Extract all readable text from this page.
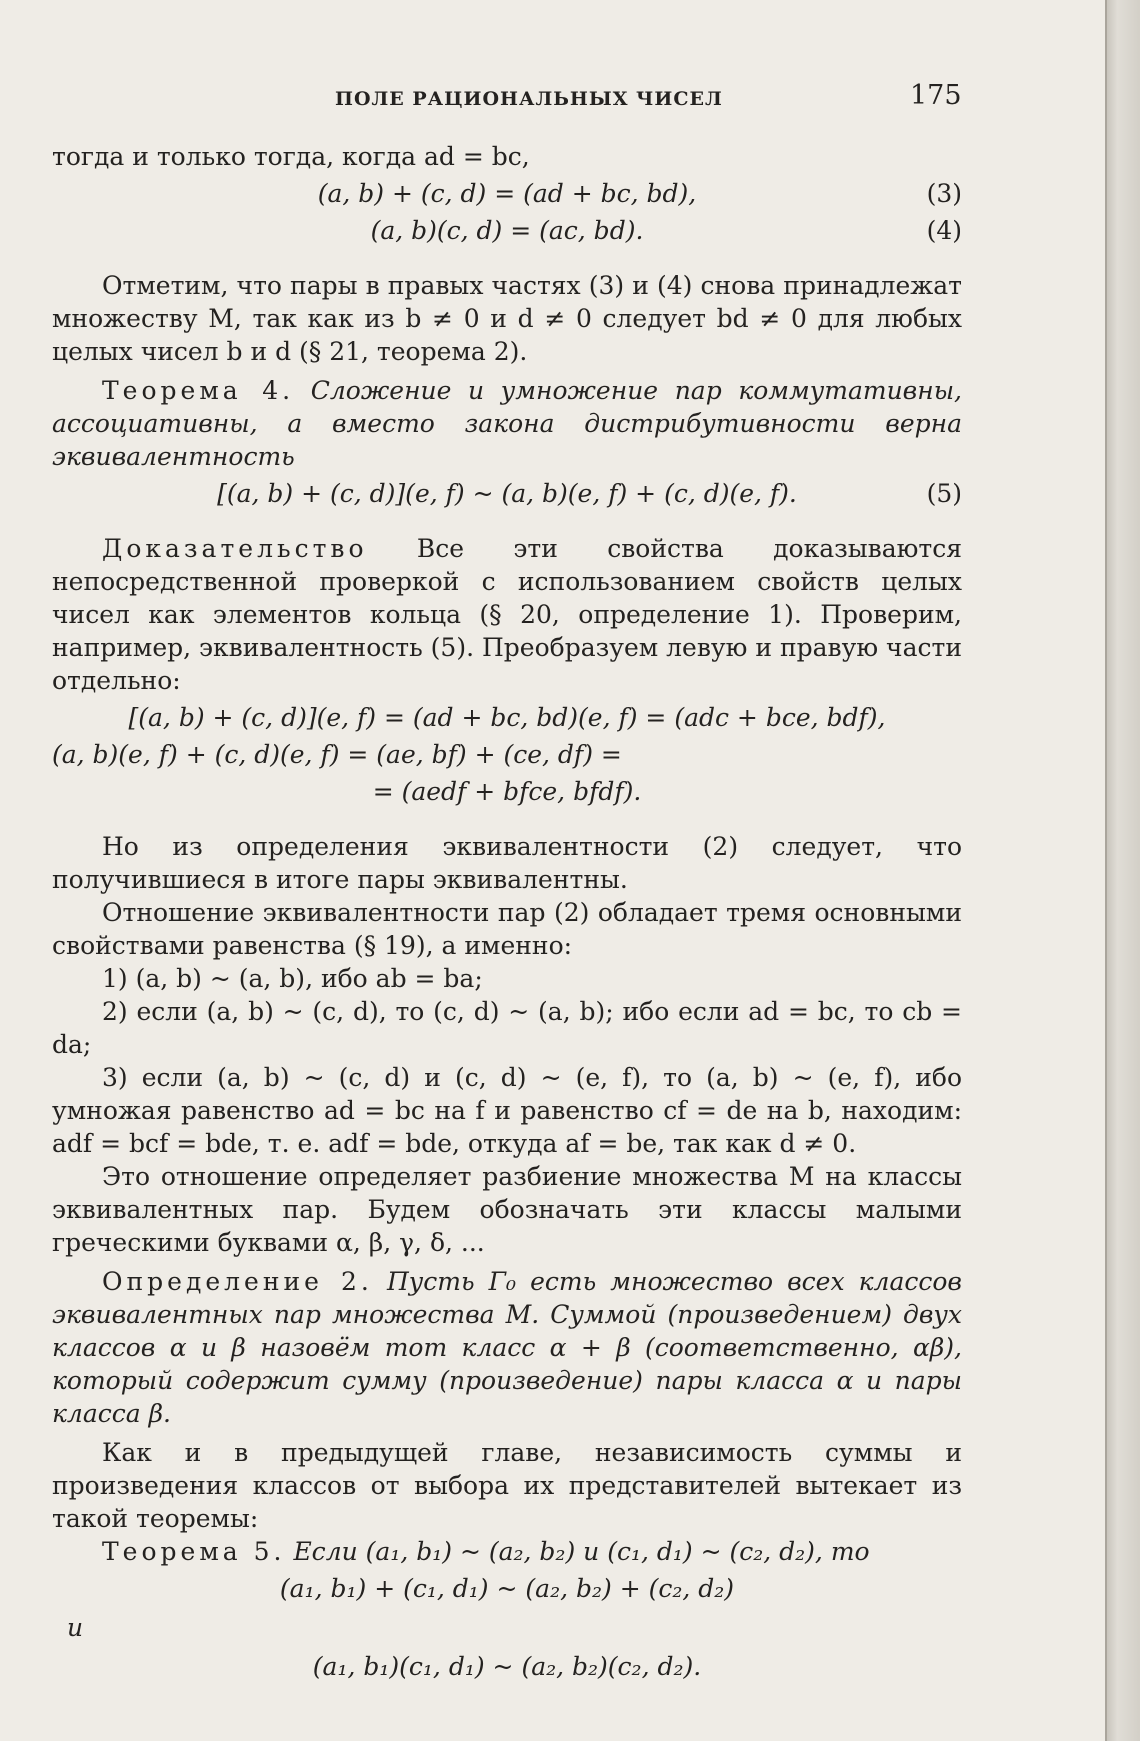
ПОЛЕ РАЦИОНАЛЬНЫХ ЧИСЕЛ	175

тогда и только тогда, когда ad = bc,

(a, b) + (c, d) = (ad + bc, bd),	(3)
(a, b)(c, d) = (ac, bd).	(4)

Отметим, что пары в правых частях (3) и (4) снова принадлежат множеству M, так как из b ≠ 0 и d ≠ 0 следует bd ≠ 0 для любых целых чисел b и d (§ 21, теорема 2).

Теорема 4. Сложение и умножение пар коммутативны, ассоциативны, а вместо закона дистрибутивности верна эквивалентность

[(a, b) + (c, d)](e, f) ~ (a, b)(e, f) + (c, d)(e, f).	(5)

Доказательство Все эти свойства доказываются непосредственной проверкой с использованием свойств целых чисел как элементов кольца (§ 20, определение 1). Проверим, например, эквивалентность (5). Преобразуем левую и правую части отдельно:

[(a, b) + (c, d)](e, f) = (ad + bc, bd)(e, f) = (adc + bce, bdf),
(a, b)(e, f) + (c, d)(e, f) = (ae, bf) + (ce, df) =
= (aedf + bfce, bfdf).

Но из определения эквивалентности (2) следует, что получившиеся в итоге пары эквивалентны.

Отношение эквивалентности пар (2) обладает тремя основными свойствами равенства (§ 19), а именно:

1) (a, b) ~ (a, b), ибо ab = ba;

2) если (a, b) ~ (c, d), то (c, d) ~ (a, b); ибо если ad = bc, то cb = da;

3) если (a, b) ~ (c, d) и (c, d) ~ (e, f), то (a, b) ~ (e, f), ибо умножая равенство ad = bc на f и равенство cf = de на b, находим: adf = bcf = bde, т. е. adf = bde, откуда af = be, так как d ≠ 0.

Это отношение определяет разбиение множества M на классы эквивалентных пар. Будем обозначать эти классы малыми греческими буквами α, β, γ, δ, ...

Определение 2. Пусть Γ₀ есть множество всех классов эквивалентных пар множества M. Суммой (произведением) двух классов α и β назовём тот класс α + β (соответственно, αβ), который содержит сумму (произведение) пары класса α и пары класса β.

Как и в предыдущей главе, независимость суммы и произведения классов от выбора их представителей вытекает из такой теоремы:

Теорема 5. Если (a₁, b₁) ~ (a₂, b₂) и (c₁, d₁) ~ (c₂, d₂), то

(a₁, b₁) + (c₁, d₁) ~ (a₂, b₂) + (c₂, d₂)
и
(a₁, b₁)(c₁, d₁) ~ (a₂, b₂)(c₂, d₂).
